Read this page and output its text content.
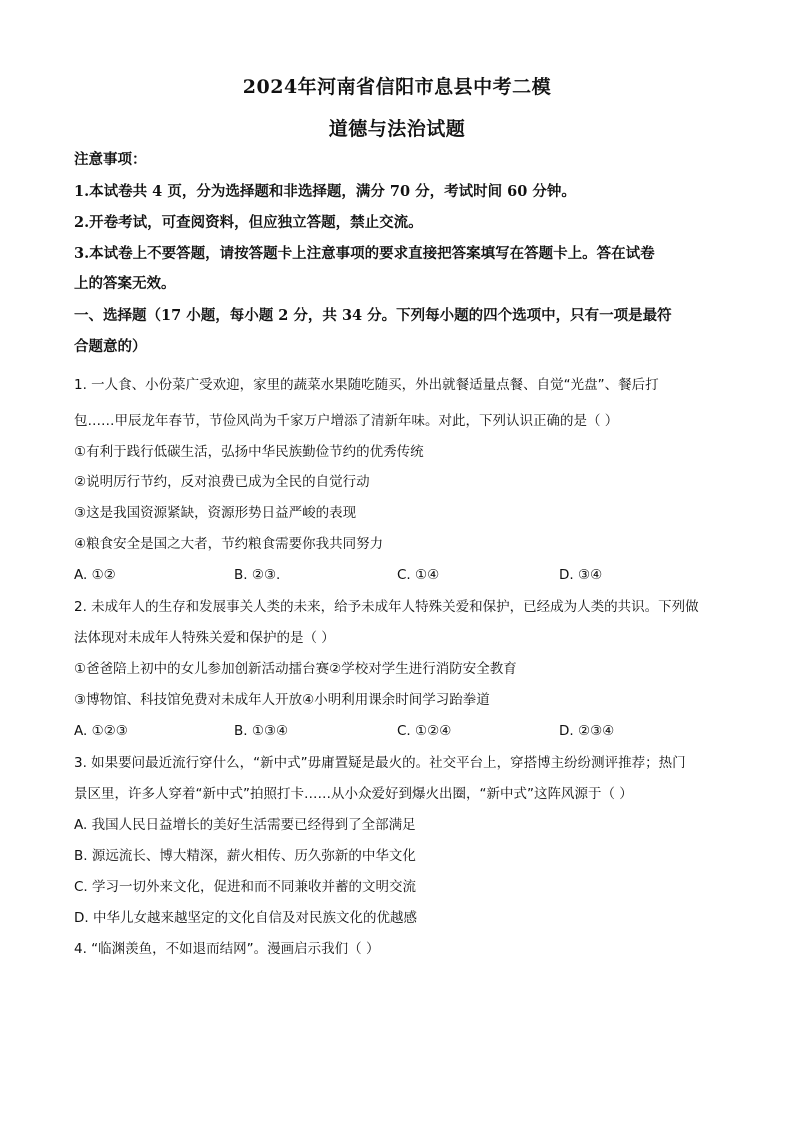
2024年河南省信阳市息县中考二模
道德与法治试题
注意事项：
1.本试卷共 4 页，分为选择题和非选择题，满分 70 分，考试时间 60 分钟。
2.开卷考试，可查阅资料，但应独立答题，禁止交流。
3.本试卷上不要答题，请按答题卡上注意事项的要求直接把答案填写在答题卡上。答在试卷
上的答案无效。
一、选择题（17 小题，每小题 2 分，共 34 分。下列每小题的四个选项中，只有一项是最符
合题意的）
1. 一人食、小份菜广受欢迎，家里的蔬菜水果随吃随买，外出就餐适量点餐、自觉“光盘”、餐后打
包……甲辰龙年春节，节俭风尚为千家万户增添了清新年味。对此，下列认识正确的是（ ）
①有利于践行低碳生活，弘扬中华民族勤俭节约的优秀传统
②说明厉行节约，反对浪费已成为全民的自觉行动
③这是我国资源紧缺，资源形势日益严峻的表现
④粮食安全是国之大者，节约粮食需要你我共同努力
A. ①②	B. ②③.	C. ①④	D. ③④
2. 未成年人的生存和发展事关人类的未来，给予未成年人特殊关爱和保护，已经成为人类的共识。下列做
法体现对未成年人特殊关爱和保护的是（ ）
①爸爸陪上初中的女儿参加创新活动擂台赛②学校对学生进行消防安全教育
③博物馆、科技馆免费对未成年人开放④小明利用课余时间学习跆拳道
A. ①②③	B. ①③④	C. ①②④	D. ②③④
3. 如果要问最近流行穿什么，“新中式”毋庸置疑是最火的。社交平台上，穿搭博主纷纷测评推荐；热门
景区里，许多人穿着“新中式”拍照打卡……从小众爱好到爆火出圈，“新中式”这阵风源于（ ）
A. 我国人民日益增长的美好生活需要已经得到了全部满足
B. 源远流长、博大精深，薪火相传、历久弥新的中华文化
C. 学习一切外来文化，促进和而不同兼收并蓄的文明交流
D. 中华儿女越来越坚定的文化自信及对民族文化的优越感
4. “临渊羡鱼，不如退而结网”。漫画启示我们（ ）
